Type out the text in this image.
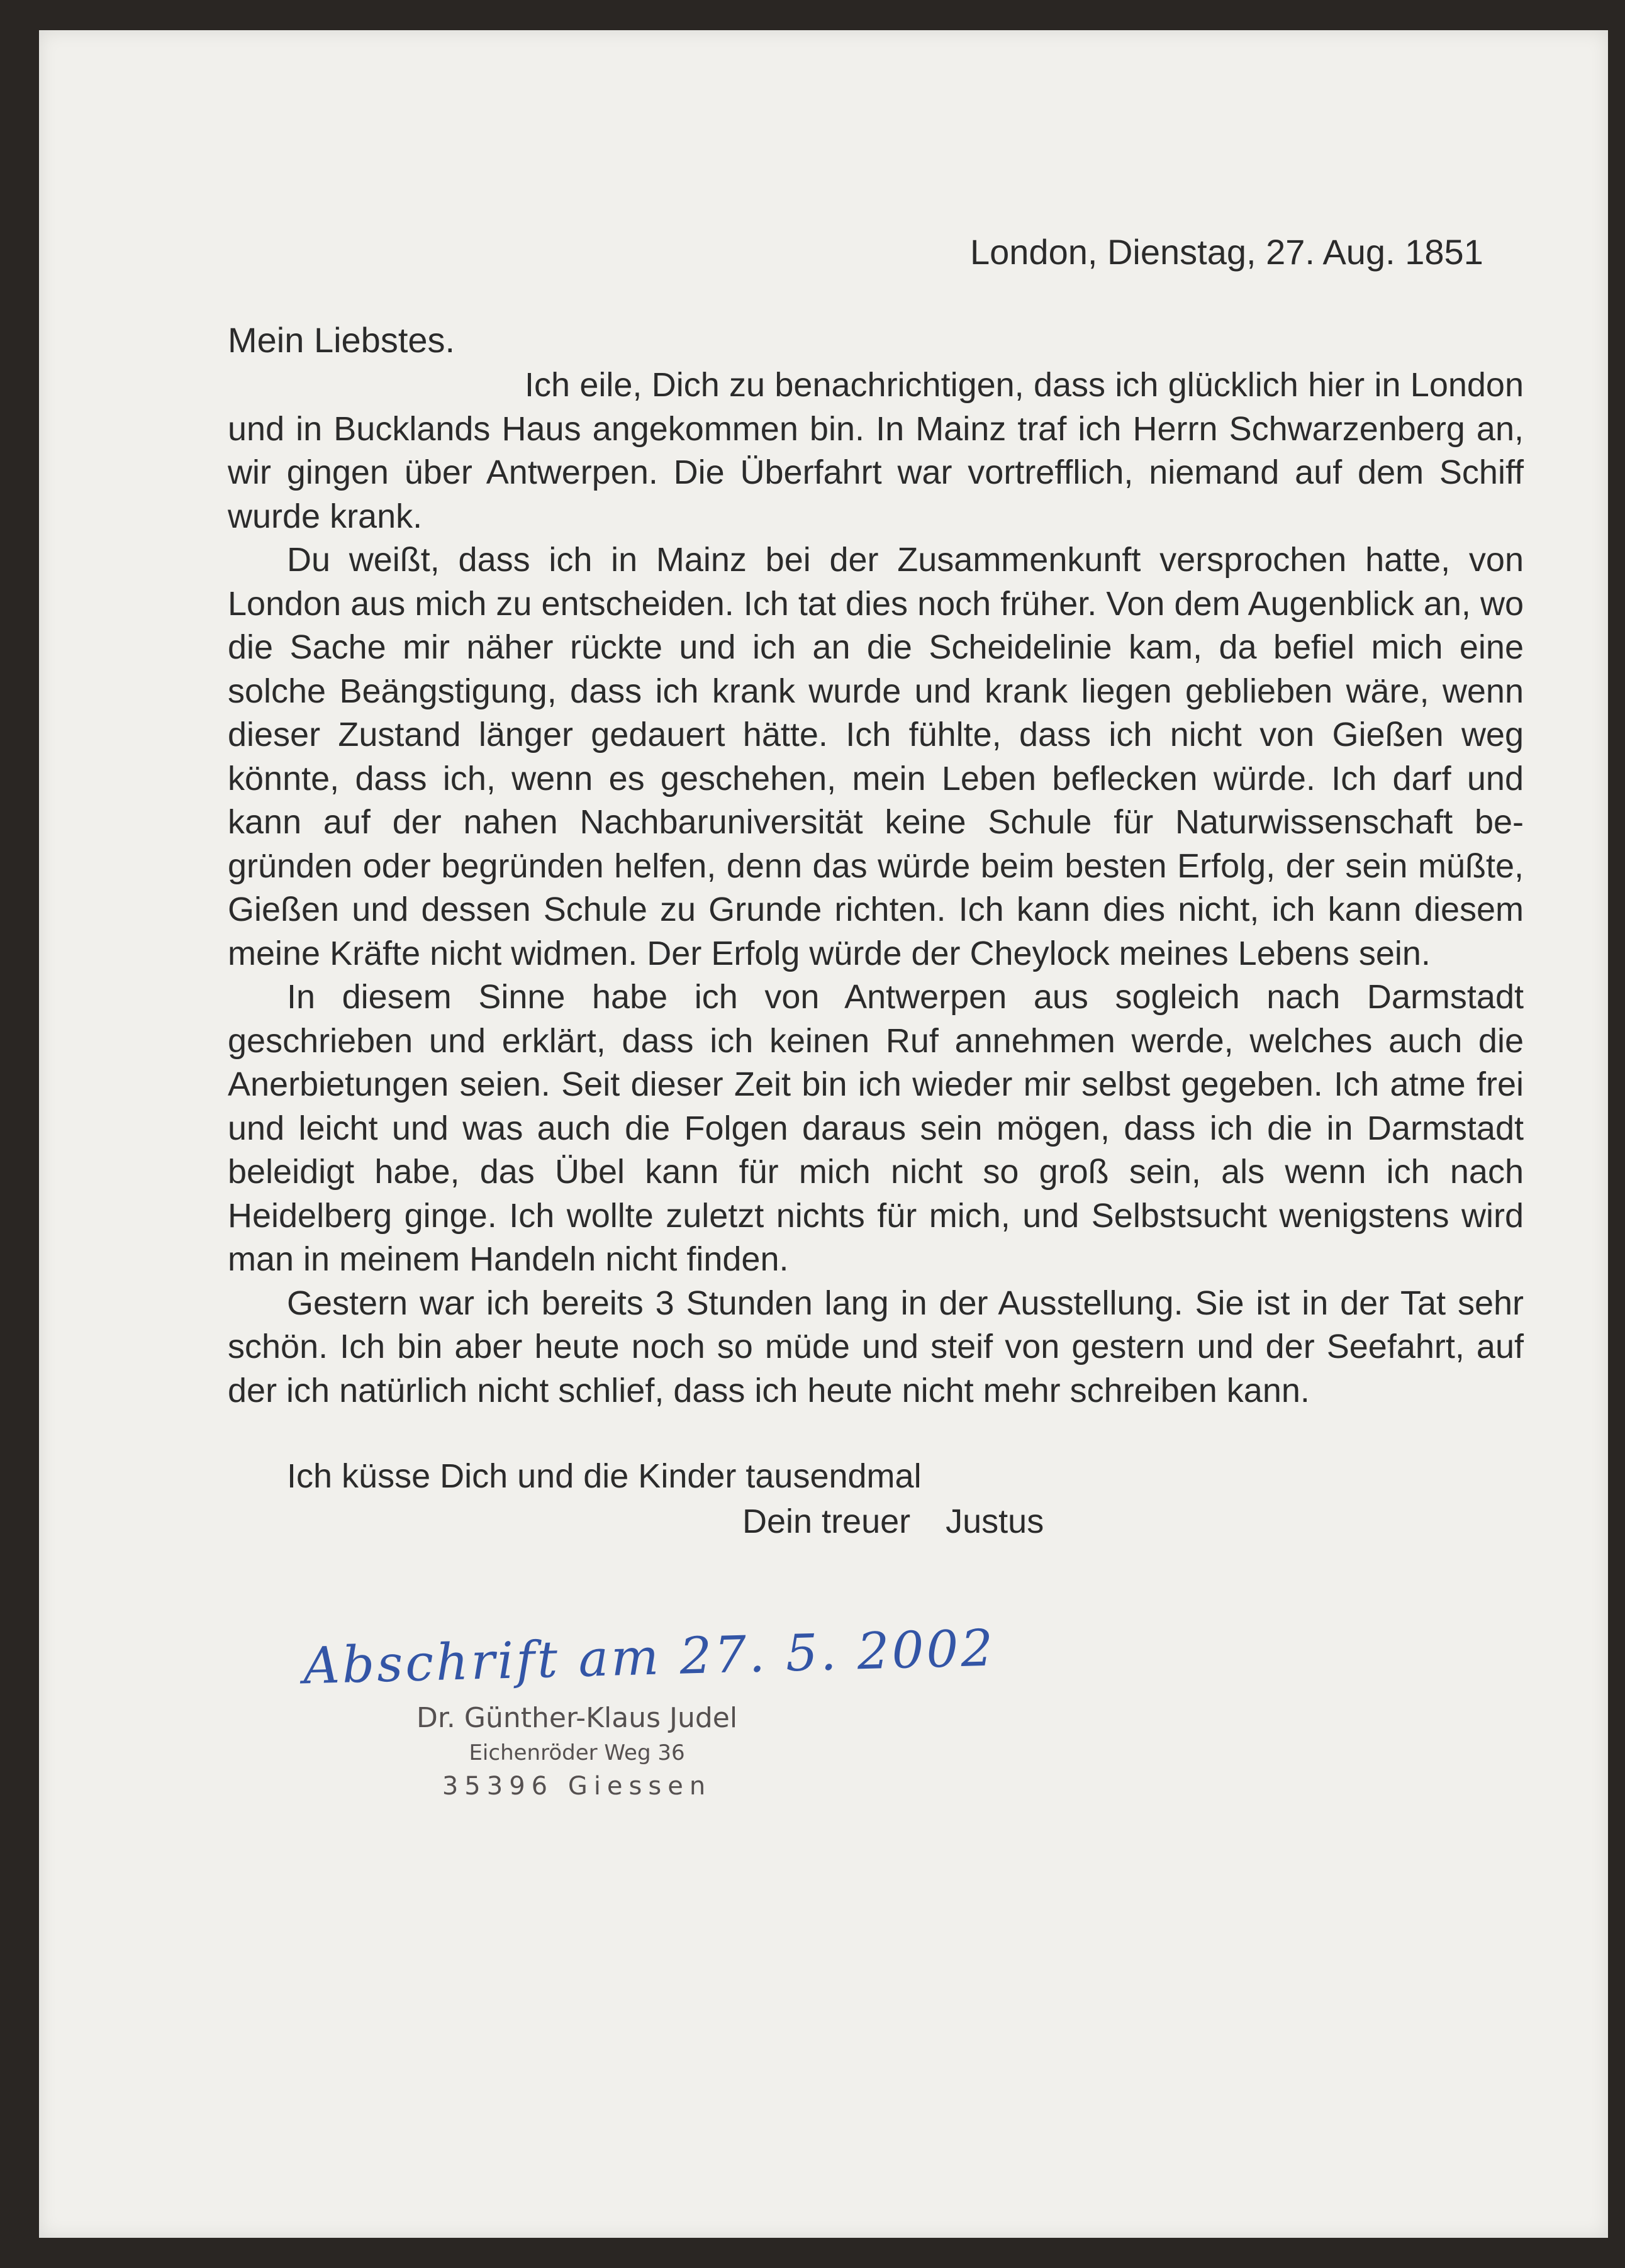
London, Dienstag, 27. Aug. 1851
Mein Liebstes.

Ich eile, Dich zu benachrichtigen, dass ich glücklich hier in London und in Bucklands Haus angekommen bin. In Mainz traf ich Herrn Schwarzenberg an, wir gingen über Antwerpen. Die Überfahrt war vortrefflich, niemand auf dem Schiff wurde krank.

Du weißt, dass ich in Mainz bei der Zusammenkunft versprochen hatte, von London aus mich zu entscheiden. Ich tat dies noch früher. Von dem Augenblick an, wo die Sache mir näher rückte und ich an die Scheidelinie kam, da befiel mich eine solche Beängstigung, dass ich krank wurde und krank liegen geblieben wäre, wenn dieser Zustand länger gedauert hätte. Ich fühlte, dass ich nicht von Gießen weg könnte, dass ich, wenn es geschehen, mein Leben beflecken würde. Ich darf und kann auf der nahen Nachbaruniversität keine Schule für Naturwissenschaft begründen oder begründen helfen, denn das würde beim besten Erfolg, der sein müßte, Gießen und dessen Schule zu Grunde richten. Ich kann dies nicht, ich kann diesem meine Kräfte nicht widmen. Der Erfolg würde der Cheylock meines Lebens sein.

In diesem Sinne habe ich von Antwerpen aus sogleich nach Darmstadt geschrieben und erklärt, dass ich keinen Ruf annehmen werde, welches auch die Anerbietungen seien. Seit dieser Zeit bin ich wieder mir selbst gegeben. Ich atme frei und leicht und was auch die Folgen daraus sein mögen, dass ich die in Darmstadt beleidigt habe, das Übel kann für mich nicht so groß sein, als wenn ich nach Heidelberg ginge. Ich wollte zuletzt nichts für mich, und Selbstsucht wenigstens wird man in meinem Handeln nicht finden.

Gestern war ich bereits 3 Stunden lang in der Ausstellung. Sie ist in der Tat sehr schön. Ich bin aber heute noch so müde und steif von gestern und der Seefahrt, auf der ich natürlich nicht schlief, dass ich heute nicht mehr schreiben kann.

Ich küsse Dich und die Kinder tausendmal
Dein treuer Justus
Abschrift am 27. 5. 2002
Dr. Günther-Klaus Judel
Eichenröder Weg 36
35396 Giessen
